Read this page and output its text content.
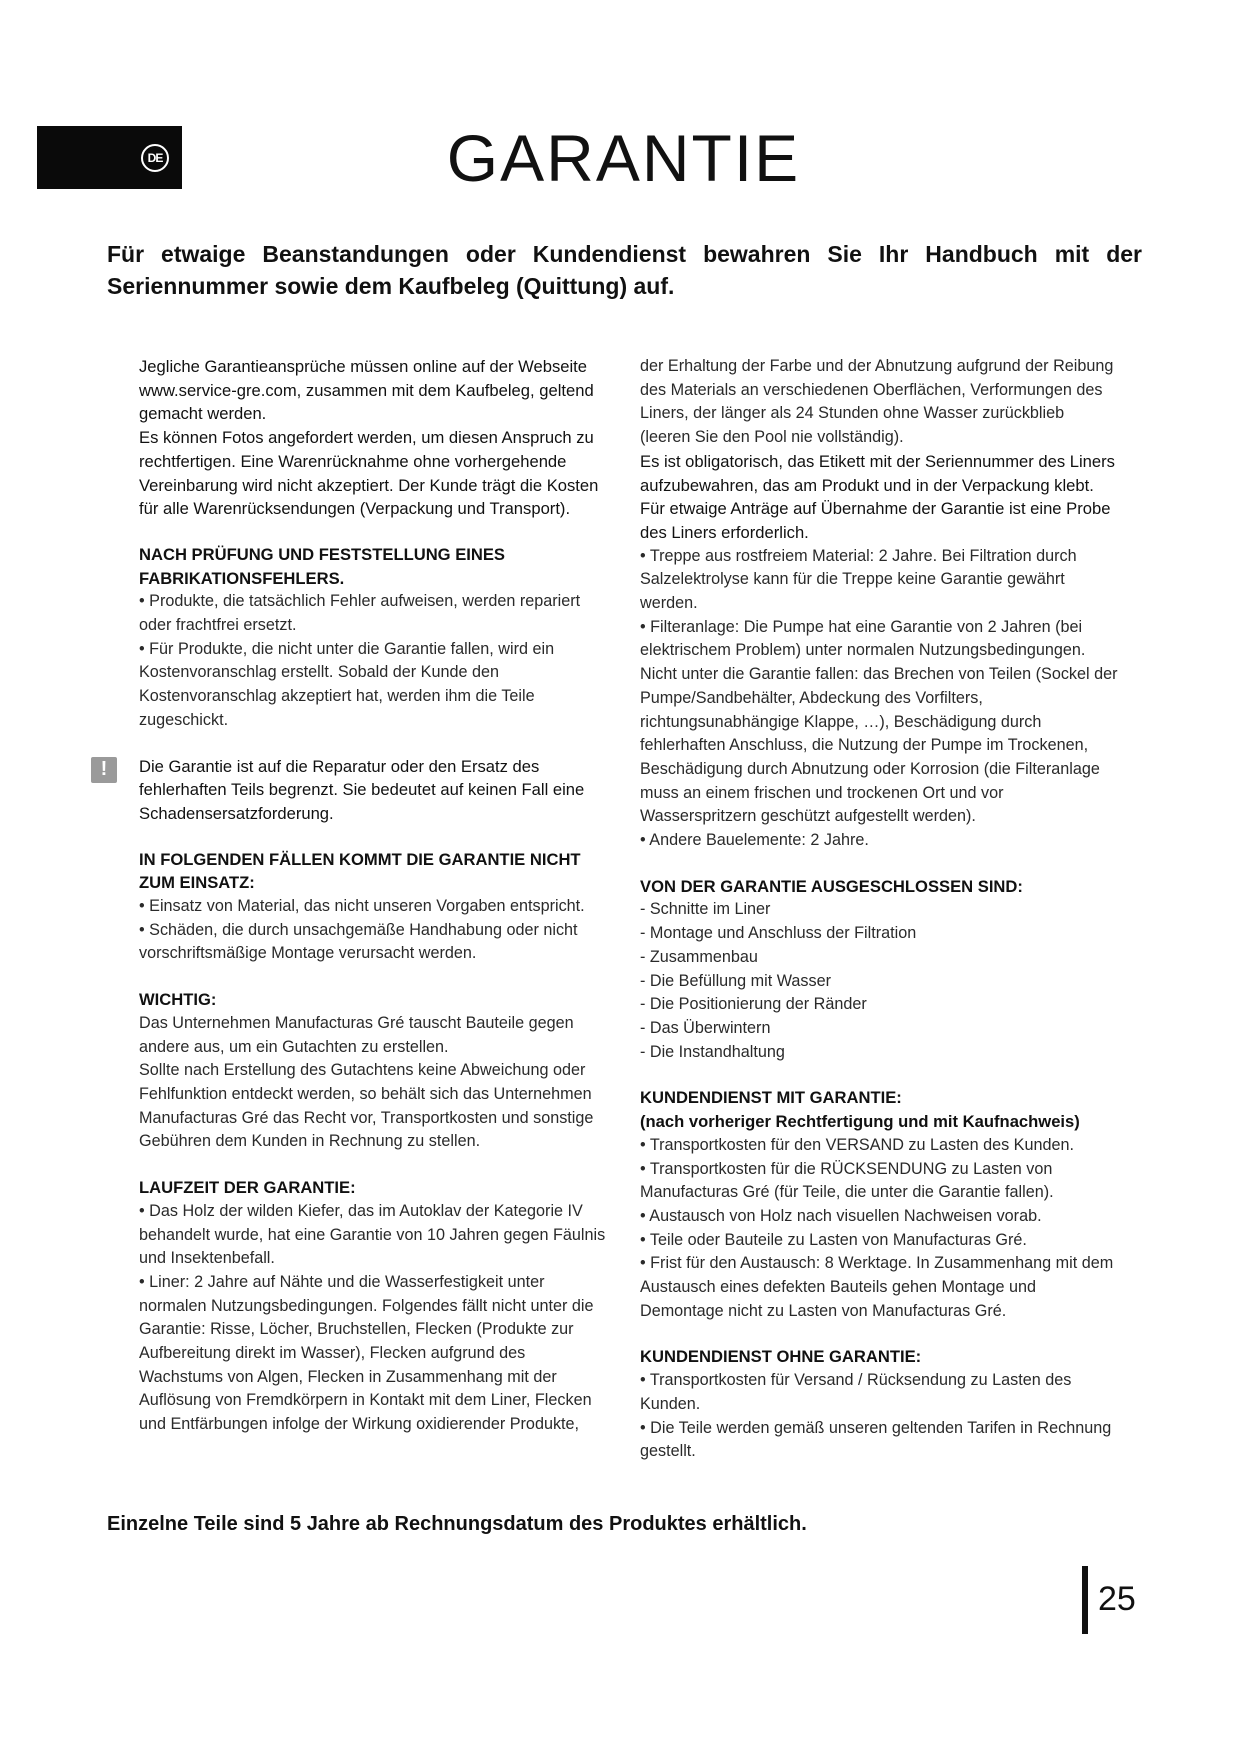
DE	GARANTIE

Für etwaige Beanstandungen oder Kundendienst bewahren Sie Ihr Handbuch mit der Seriennummer sowie dem Kaufbeleg (Quittung) auf.

Jegliche Garantieansprüche müssen online auf der Webseite www.service-gre.com, zusammen mit dem Kaufbeleg, geltend gemacht werden.

Es können Fotos angefordert werden, um diesen Anspruch zu rechtfertigen. Eine Warenrücknahme ohne vorhergehende Vereinbarung wird nicht akzeptiert. Der Kunde trägt die Kosten für alle Warenrücksendungen (Verpackung und Transport).

NACH PRÜFUNG UND FESTSTELLUNG EINES FABRIKATIONSFEHLERS.

• Produkte, die tatsächlich Fehler aufweisen, werden repariert oder frachtfrei ersetzt.

• Für Produkte, die nicht unter die Garantie fallen, wird ein Kostenvoranschlag erstellt. Sobald der Kunde den Kostenvoranschlag akzeptiert hat, werden ihm die Teile zugeschickt.

!	Die Garantie ist auf die Reparatur oder den Ersatz des fehlerhaften Teils begrenzt. Sie bedeutet auf keinen Fall eine Schadensersatzforderung.

IN FOLGENDEN FÄLLEN KOMMT DIE GARANTIE NICHT ZUM EINSATZ:

• Einsatz von Material, das nicht unseren Vorgaben entspricht.

• Schäden, die durch unsachgemäße Handhabung oder nicht vorschriftsmäßige Montage verursacht werden.

WICHTIG:

Das Unternehmen Manufacturas Gré tauscht Bauteile gegen andere aus, um ein Gutachten zu erstellen.

Sollte nach Erstellung des Gutachtens keine Abweichung oder Fehlfunktion entdeckt werden, so behält sich das Unternehmen Manufacturas Gré das Recht vor, Transportkosten und sonstige Gebühren dem Kunden in Rechnung zu stellen.

LAUFZEIT DER GARANTIE:

• Das Holz der wilden Kiefer, das im Autoklav der Kategorie IV behandelt wurde, hat eine Garantie von 10 Jahren gegen Fäulnis und Insektenbefall.

• Liner: 2 Jahre auf Nähte und die Wasserfestigkeit unter normalen Nutzungsbedingungen. Folgendes fällt nicht unter die Garantie: Risse, Löcher, Bruchstellen, Flecken (Produkte zur Aufbereitung direkt im Wasser), Flecken aufgrund des Wachstums von Algen, Flecken in Zusammenhang mit der Auflösung von Fremdkörpern in Kontakt mit dem Liner, Flecken und Entfärbungen infolge der Wirkung oxidierender Produkte,

der Erhaltung der Farbe und der Abnutzung aufgrund der Reibung des Materials an verschiedenen Oberflächen, Verformungen des Liners, der länger als 24 Stunden ohne Wasser zurückblieb (leeren Sie den Pool nie vollständig).

Es ist obligatorisch, das Etikett mit der Seriennummer des Liners aufzubewahren, das am Produkt und in der Verpackung klebt. Für etwaige Anträge auf Übernahme der Garantie ist eine Probe des Liners erforderlich.

• Treppe aus rostfreiem Material: 2 Jahre. Bei Filtration durch Salzelektrolyse kann für die Treppe keine Garantie gewährt werden.

• Filteranlage: Die Pumpe hat eine Garantie von 2 Jahren (bei elektrischem Problem) unter normalen Nutzungsbedingungen. Nicht unter die Garantie fallen: das Brechen von Teilen (Sockel der Pumpe/Sandbehälter, Abdeckung des Vorfilters, richtungsunabhängige Klappe, …), Beschädigung durch fehlerhaften Anschluss, die Nutzung der Pumpe im Trockenen, Beschädigung durch Abnutzung oder Korrosion (die Filteranlage muss an einem frischen und trockenen Ort und vor Wasserspritzern geschützt aufgestellt werden).

• Andere Bauelemente: 2 Jahre.

VON DER GARANTIE AUSGESCHLOSSEN SIND:

- Schnitte im Liner

- Montage und Anschluss der Filtration

- Zusammenbau

- Die Befüllung mit Wasser

- Die Positionierung der Ränder

- Das Überwintern

- Die Instandhaltung

KUNDENDIENST MIT GARANTIE:

(nach vorheriger Rechtfertigung und mit Kaufnachweis)

• Transportkosten für den VERSAND zu Lasten des Kunden.

• Transportkosten für die RÜCKSENDUNG zu Lasten von Manufacturas Gré (für Teile, die unter die Garantie fallen).

• Austausch von Holz nach visuellen Nachweisen vorab.

• Teile oder Bauteile zu Lasten von Manufacturas Gré.

• Frist für den Austausch: 8 Werktage. In Zusammenhang mit dem Austausch eines defekten Bauteils gehen Montage und Demontage nicht zu Lasten von Manufacturas Gré.

KUNDENDIENST OHNE GARANTIE:

• Transportkosten für Versand / Rücksendung zu Lasten des Kunden.

• Die Teile werden gemäß unseren geltenden Tarifen in Rechnung gestellt.

Einzelne Teile sind 5 Jahre ab Rechnungsdatum des Produktes erhältlich.

25
